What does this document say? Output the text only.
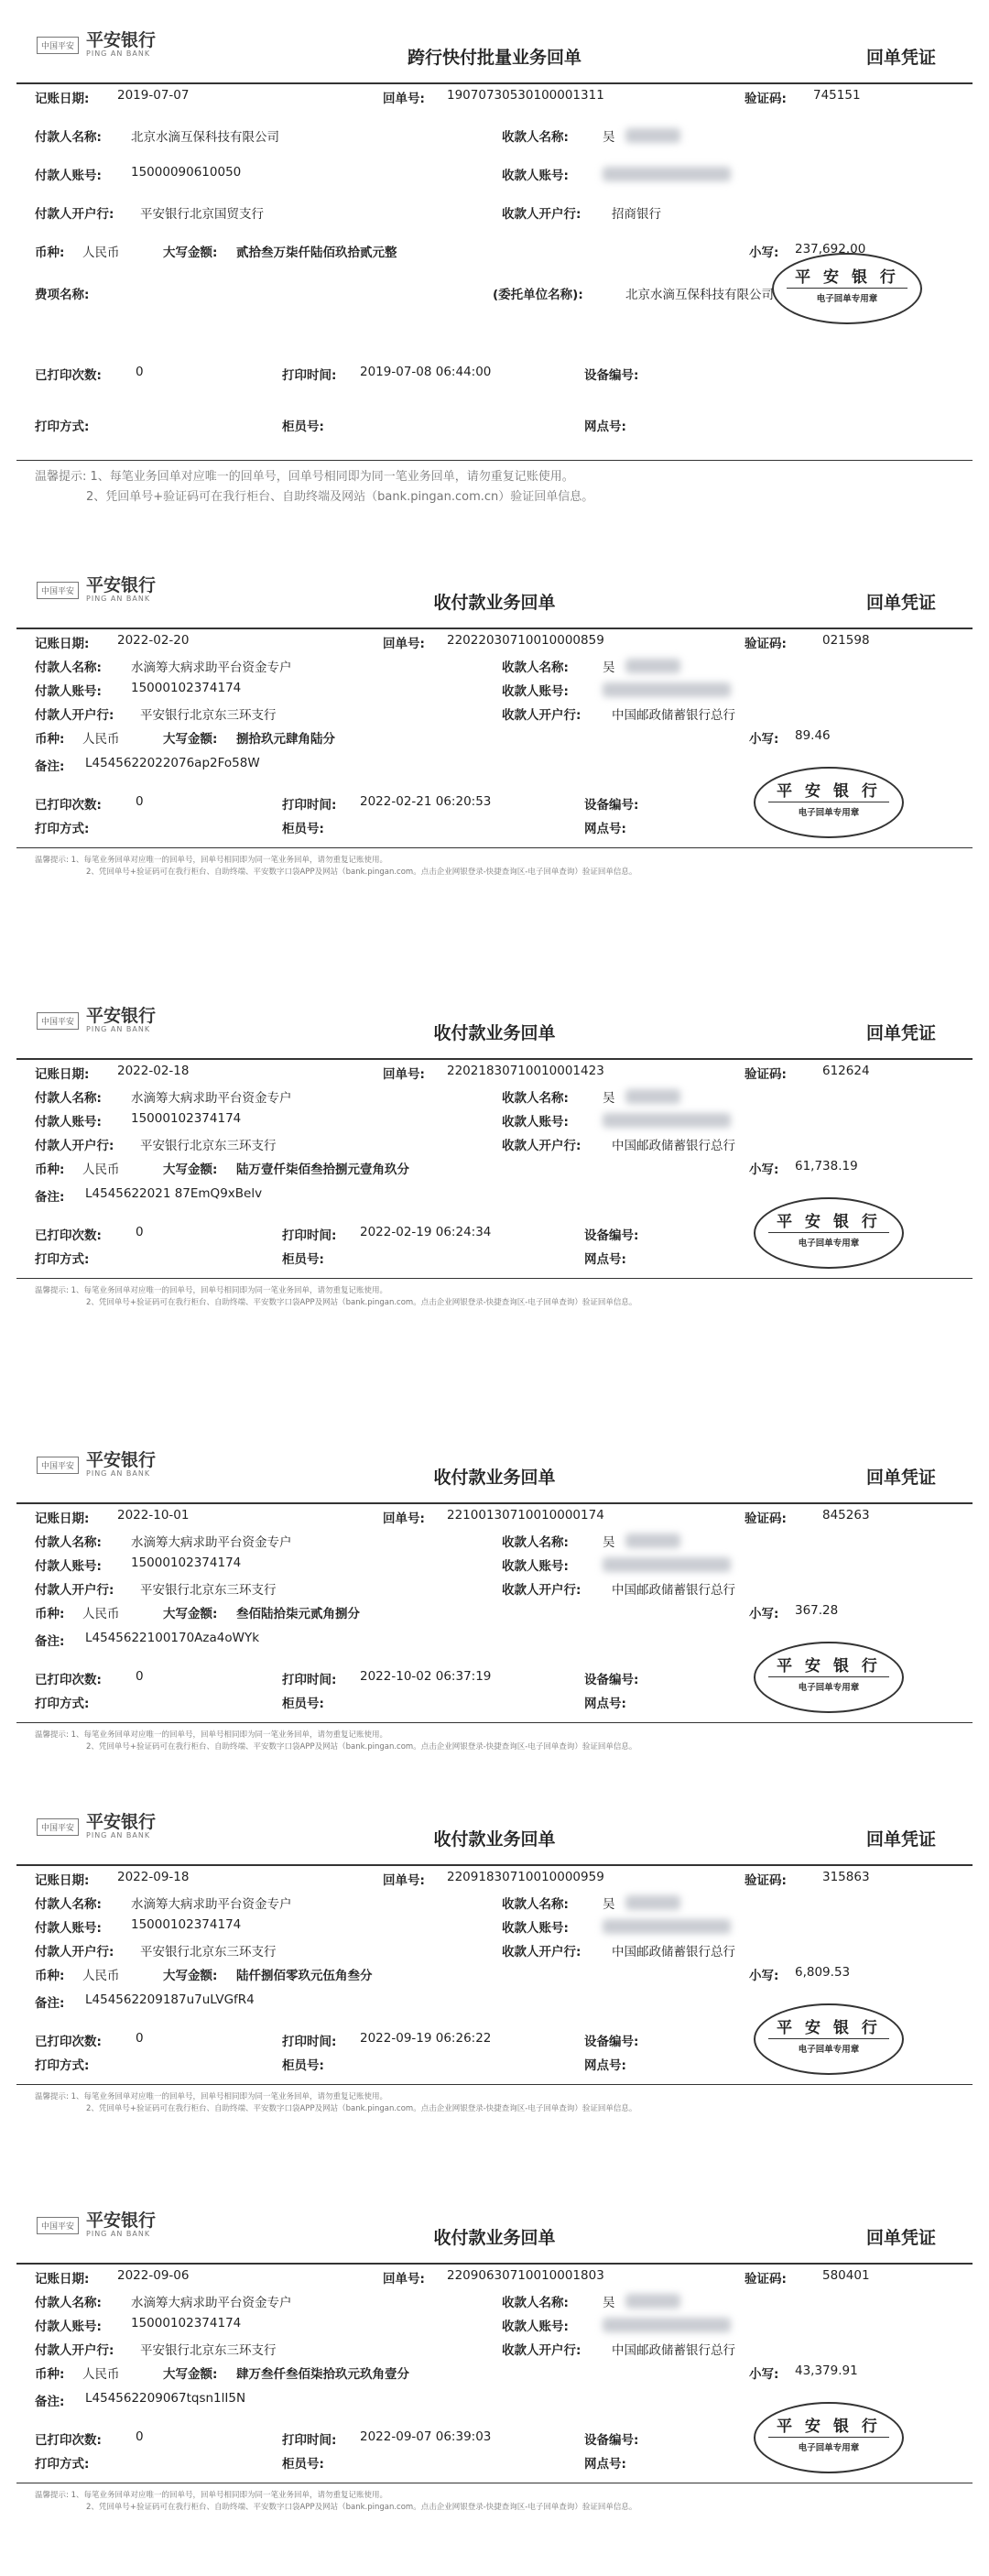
中国平安 平安银行
PING AN BANK	跨行快付批量业务回单	回单凭证
记账日期: 2019-07-07	回单号: 19070730530100001311	验证码: 745151
付款人名称: 北京水滴互保科技有限公司	收款人名称:	吴
付款人账号: 15000090610050	收款人账号:
付款人开户行: 平安银行北京国贸支行	收款人开户行: 招商银行
币种: 人民币	大写金额: 贰拾叁万柒仟陆佰玖拾贰元整	小写: 237,692.00
费项名称:	(委托单位名称):	北京水滴互保科技有限公司
平 安 银 行
电子回单专用章
已打印次数:	0	打印时间: 2019-07-08 06:44:00	设备编号:
打印方式:	柜员号:	网点号:
温馨提示: 1、每笔业务回单对应唯一的回单号，回单号相同即为同一笔业务回单，请勿重复记账使用。
2、凭回单号+验证码可在我行柜台、自助终端及网站（bank.pingan.com.cn）验证回单信息。
中国平安 平安银行
PING AN BANK	收付款业务回单	回单凭证
记账日期: 2022-02-20	回单号: 22022030710010000859	验证码:	021598
付款人名称: 水滴筹大病求助平台资金专户	收款人名称:	吴
付款人账号: 15000102374174	收款人账号:
付款人开户行: 平安银行北京东三环支行	收款人开户行: 中国邮政储蓄银行总行
币种: 人民币	大写金额: 捌拾玖元肆角陆分	小写: 89.46
备注: L4545622022076ap2Fo58W
平 安 银 行
电子回单专用章
已打印次数:	0	打印时间: 2022-02-21 06:20:53	设备编号:
打印方式:	柜员号:	网点号:
温馨提示: 1、每笔业务回单对应唯一的回单号，回单号相同即为同一笔业务回单，请勿重复记账使用。
2、凭回单号+验证码可在我行柜台、自助终端、平安数字口袋APP及网站（bank.pingan.com。点击企业网银登录-快捷查询区-电子回单查询）验证回单信息。
中国平安 平安银行
PING AN BANK	收付款业务回单	回单凭证
记账日期: 2022-02-18	回单号: 22021830710010001423	验证码:	612624
付款人名称: 水滴筹大病求助平台资金专户	收款人名称:	吴
付款人账号: 15000102374174	收款人账号:
付款人开户行: 平安银行北京东三环支行	收款人开户行: 中国邮政储蓄银行总行
币种: 人民币	大写金额: 陆万壹仟柒佰叁拾捌元壹角玖分	小写: 61,738.19
备注: L4545622021 87EmQ9xBelv
平 安 银 行
电子回单专用章
已打印次数:	0	打印时间: 2022-02-19 06:24:34	设备编号:
打印方式:	柜员号:	网点号:
温馨提示: 1、每笔业务回单对应唯一的回单号，回单号相同即为同一笔业务回单，请勿重复记账使用。
2、凭回单号+验证码可在我行柜台、自助终端、平安数字口袋APP及网站（bank.pingan.com。点击企业网银登录-快捷查询区-电子回单查询）验证回单信息。
中国平安 平安银行
PING AN BANK	收付款业务回单	回单凭证
记账日期: 2022-10-01	回单号: 22100130710010000174	验证码:	845263
付款人名称: 水滴筹大病求助平台资金专户	收款人名称:	吴
付款人账号: 15000102374174	收款人账号:
付款人开户行: 平安银行北京东三环支行	收款人开户行: 中国邮政储蓄银行总行
币种: 人民币	大写金额: 叁佰陆拾柒元贰角捌分	小写: 367.28
备注: L4545622100170Aza4oWYk
平 安 银 行
电子回单专用章
已打印次数:	0	打印时间: 2022-10-02 06:37:19	设备编号:
打印方式:	柜员号:	网点号:
温馨提示: 1、每笔业务回单对应唯一的回单号，回单号相同即为同一笔业务回单，请勿重复记账使用。
2、凭回单号+验证码可在我行柜台、自助终端、平安数字口袋APP及网站（bank.pingan.com。点击企业网银登录-快捷查询区-电子回单查询）验证回单信息。
中国平安 平安银行
PING AN BANK	收付款业务回单	回单凭证
记账日期: 2022-09-18	回单号: 22091830710010000959	验证码:	315863
付款人名称: 水滴筹大病求助平台资金专户	收款人名称:	吴
付款人账号: 15000102374174	收款人账号:
付款人开户行: 平安银行北京东三环支行	收款人开户行: 中国邮政储蓄银行总行
币种: 人民币	大写金额: 陆仟捌佰零玖元伍角叁分	小写: 6,809.53
备注: L454562209187u7uLVGfR4
平 安 银 行
电子回单专用章
已打印次数:	0	打印时间: 2022-09-19 06:26:22	设备编号:
打印方式:	柜员号:	网点号:
温馨提示: 1、每笔业务回单对应唯一的回单号，回单号相同即为同一笔业务回单，请勿重复记账使用。
2、凭回单号+验证码可在我行柜台、自助终端、平安数字口袋APP及网站（bank.pingan.com。点击企业网银登录-快捷查询区-电子回单查询）验证回单信息。
中国平安 平安银行
PING AN BANK	收付款业务回单	回单凭证
记账日期: 2022-09-06	回单号: 22090630710010001803	验证码:	580401
付款人名称: 水滴筹大病求助平台资金专户	收款人名称:	吴
付款人账号: 15000102374174	收款人账号:
付款人开户行: 平安银行北京东三环支行	收款人开户行: 中国邮政储蓄银行总行
币种: 人民币	大写金额: 肆万叁仟叁佰柒拾玖元玖角壹分	小写: 43,379.91
备注: L454562209067tqsn1lI5N
平 安 银 行
电子回单专用章
已打印次数:	0	打印时间: 2022-09-07 06:39:03	设备编号:
打印方式:	柜员号:	网点号:
温馨提示: 1、每笔业务回单对应唯一的回单号，回单号相同即为同一笔业务回单，请勿重复记账使用。
2、凭回单号+验证码可在我行柜台、自助终端、平安数字口袋APP及网站（bank.pingan.com。点击企业网银登录-快捷查询区-电子回单查询）验证回单信息。
